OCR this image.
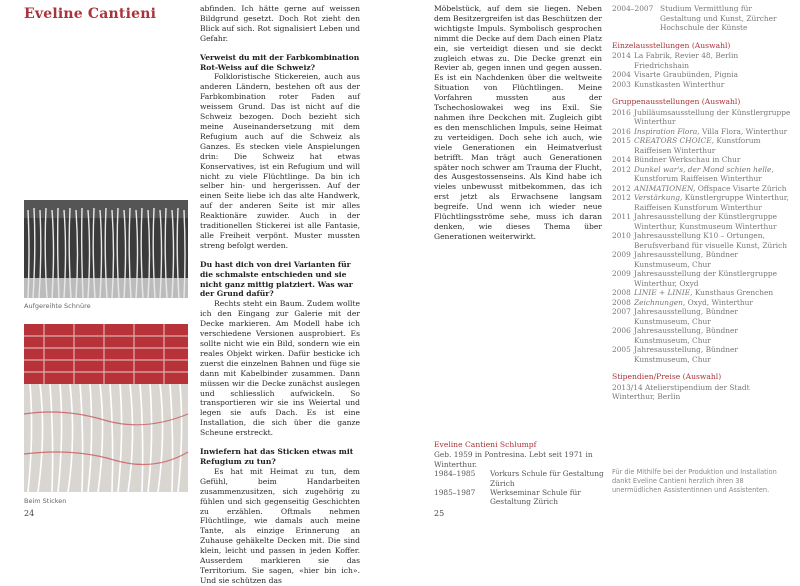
Eveline Cantieni
Aufgereihte Schnüre
Beim Sticken
24

abfinden. Ich hätte gerne auf weissen Bildgrund gesetzt. Doch Rot zieht den Blick auf sich. Rot signalisiert Leben und Gefahr.

Verweist du mit der Farbkombination Rot-Weiss auf die Schweiz?

Folkloristische Stickereien, auch aus anderen Ländern, bestehen oft aus der Farbkombination roter Faden auf weissem Grund. Das ist nicht auf die Schweiz bezogen. Doch bezieht sich meine Auseinandersetzung mit dem Refugium auch auf die Schweiz als Ganzes. Es stecken viele Anspielungen drin: Die Schweiz hat etwas Konservatives, ist ein Refugium und will nicht zu viele Flüchtlinge. Da bin ich selber hin- und hergerissen. Auf der einen Seite liebe ich das alte Handwerk, auf der anderen Seite ist mir alles Reaktionäre zuwider. Auch in der traditionellen Stickerei ist alle Fantasie, alle Freiheit verpönt. Muster mussten streng befolgt werden.

Du hast dich von drei Varianten für die schmalste entschieden und sie nicht ganz mittig platziert. Was war der Grund dafür?

Rechts steht ein Baum. Zudem wollte ich den Eingang zur Galerie mit der Decke markieren. Am Modell habe ich verschiedene Versionen ausprobiert. Es sollte nicht wie ein Bild, sondern wie ein reales Objekt wirken. Dafür besticke ich zuerst die einzelnen Bahnen und füge sie dann mit Kabelbinder zusammen. Dann müssen wir die Decke zunächst auslegen und schliesslich aufwickeln. So transportieren wir sie ins Weiertal und legen sie aufs Dach. Es ist eine Installation, die sich über die ganze Scheune erstreckt.

Inwiefern hat das Sticken etwas mit Refugium zu tun?

Es hat mit Heimat zu tun, dem Gefühl, beim Handarbeiten zusammenzusitzen, sich zugehörig zu fühlen und sich gegenseitig Geschichten zu erzählen. Oftmals nehmen Flüchtlinge, wie damals auch meine Tante, als einzige Erinnerung an Zuhause gehäkelte Decken mit. Die sind klein, leicht und passen in jeden Koffer. Ausserdem markieren sie das Territorium. Sie sagen, «hier bin ich». Und sie schützen das

Möbelstück, auf dem sie liegen. Neben dem Besitzergreifen ist das Beschützen der wichtigste Impuls. Symbolisch gesprochen nimmt die Decke auf dem Dach einen Platz ein, sie verteidigt diesen und sie deckt zugleich etwas zu. Die Decke grenzt ein Revier ab, gegen innen und gegen aussen. Es ist ein Nachdenken über die weltweite Situation von Flüchtlingen. Meine Vorfahren mussten aus der Tschechoslowakei weg ins Exil. Sie nahmen ihre Deckchen mit. Zugleich gibt es den menschlichen Impuls, seine Heimat zu verteidigen. Doch sehe ich auch, wie viele Generationen ein Heimatverlust betrifft. Man trägt auch Generationen später noch schwer am Trauma der Flucht, des Ausgestossenseins. Als Kind habe ich vieles unbewusst mitbekommen, das ich erst jetzt als Erwachsene langsam begreife. Und wenn ich wieder neue Flüchtlingsströme sehe, muss ich daran denken, wie dieses Thema über Generationen weiterwirkt.

Eveline Cantieni Schlumpf
Geb. 1959 in Pontresina. Lebt seit 1971 in Winterthur.
1984–1985	Vorkurs Schule für Gestaltung Zürich
1985–1987	Werkseminar Schule für Gestaltung Zürich
25
2004–2007 Studium Vermittlung für Gestaltung und Kunst, Zürcher Hochschule der Künste
Einzelausstellungen (Auswahl)
2014 La Fabrik, Revier 48, Berlin Friedrichshain
2004 Visarte Graubünden, Pignia
2003 Kunstkasten Winterthur
Gruppenausstellungen (Auswahl)
2016 Jubiläumsausstellung der Künstlergruppe Winterthur
2016 Inspiration Flora, Villa Flora, Winterthur
2015 CREATORS CHOICE, Kunstforum Raiffeisen Winterthur
2014 Bündner Werkschau in Chur
2012 Dunkel war's, der Mond schien helle, Kunstforum Raiffeisen Winterthur
2012 ANIMATIONEN, Offspace Visarte Zürich
2012 Verstärkung, Künstlergruppe Winterthur, Raiffeisen Kunstforum Winterthur
2011 Jahresausstellung der Künstlergruppe Winterthur, Kunstmuseum Winterthur
2010 Jahresausstellung K10 – Ortungen, Berufsverband für visuelle Kunst, Zürich
2009 Jahresausstellung, Bündner Kunstmuseum, Chur
2009 Jahresausstellung der Künstlergruppe Winterthur, Oxyd
2008 LINIE + LINIE, Kunsthaus Grenchen
2008 Zeichnungen, Oxyd, Winterthur
2007 Jahresausstellung, Bündner Kunstmuseum, Chur
2006 Jahresausstellung, Bündner Kunstmuseum, Chur
2005 Jahresausstellung, Bündner Kunstmuseum, Chur
Stipendien/Preise (Auswahl)
2013/14 Atelierstipendium der Stadt Winterthur, Berlin
Für die Mithilfe bei der Produktion und Installation dankt Eveline Cantieni herzlich ihren 38 unermüdlichen Assistentinnen und Assistenten.
